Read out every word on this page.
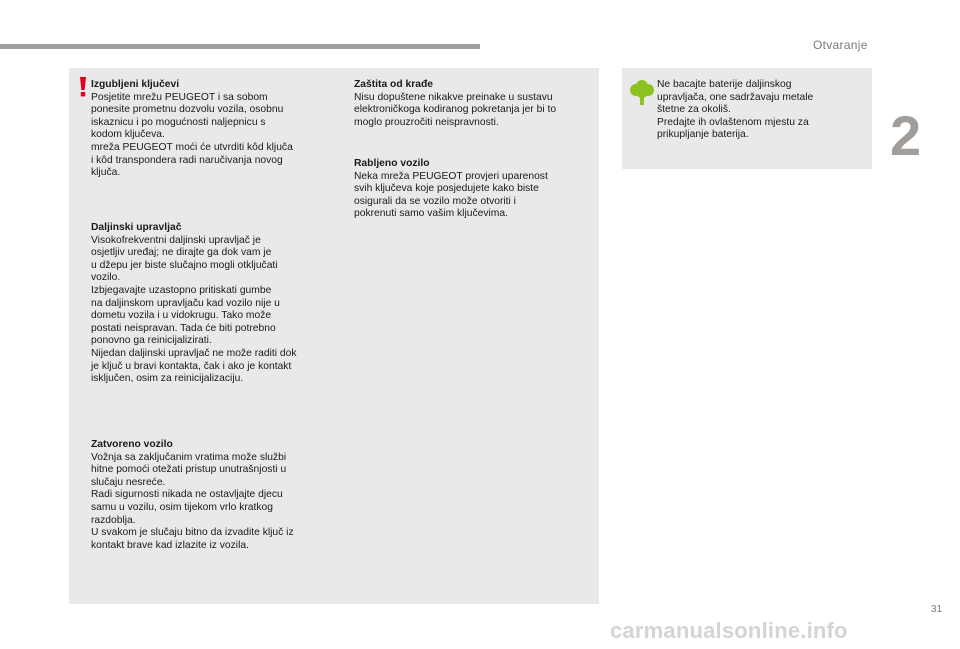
Otvaranje
2
Izgubljeni ključevi
Posjetite mrežu PEUGEOT i sa sobom
ponesite prometnu dozvolu vozila, osobnu
iskaznicu i po mogućnosti naljepnicu s
kodom ključeva.
mreža PEUGEOT moći će utvrditi kôd ključa
i kôd transpondera radi naručivanja novog
ključa.
Daljinski upravljač
Visokofrekventni daljinski upravljač je
osjetljiv uređaj; ne dirajte ga dok vam je
u džepu jer biste slučajno mogli otključati
vozilo.
Izbjegavajte uzastopno pritiskati gumbe
na daljinskom upravljaču kad vozilo nije u
dometu vozila i u vidokrugu. Tako može
postati neispravan. Tada će biti potrebno
ponovno ga reinicijalizirati.
Nijedan daljinski upravljač ne može raditi dok
je ključ u bravi kontakta, čak i ako je kontakt
isključen, osim za reinicijalizaciju.
Zatvoreno vozilo
Vožnja sa zaključanim vratima može službi
hitne pomoći otežati pristup unutrašnjosti u
slučaju nesreće.
Radi sigurnosti nikada ne ostavljajte djecu
samu u vozilu, osim tijekom vrlo kratkog
razdoblja.
U svakom je slučaju bitno da izvadite ključ iz
kontakt brave kad izlazite iz vozila.
Zaštita od krađe
Nisu dopuštene nikakve preinake u sustavu
elektroničkoga kodiranog pokretanja jer bi to
moglo prouzročiti neispravnosti.
Rabljeno vozilo
Neka mreža PEUGEOT provjeri uparenost
svih ključeva koje posjedujete kako biste
osigurali da se vozilo može otvoriti i
pokrenuti samo vašim ključevima.
Ne bacajte baterije daljinskog
upravljača, one sadržavaju metale
štetne za okoliš.
Predajte ih ovlaštenom mjestu za
prikupljanje baterija.
31
carmanualsonline.info
